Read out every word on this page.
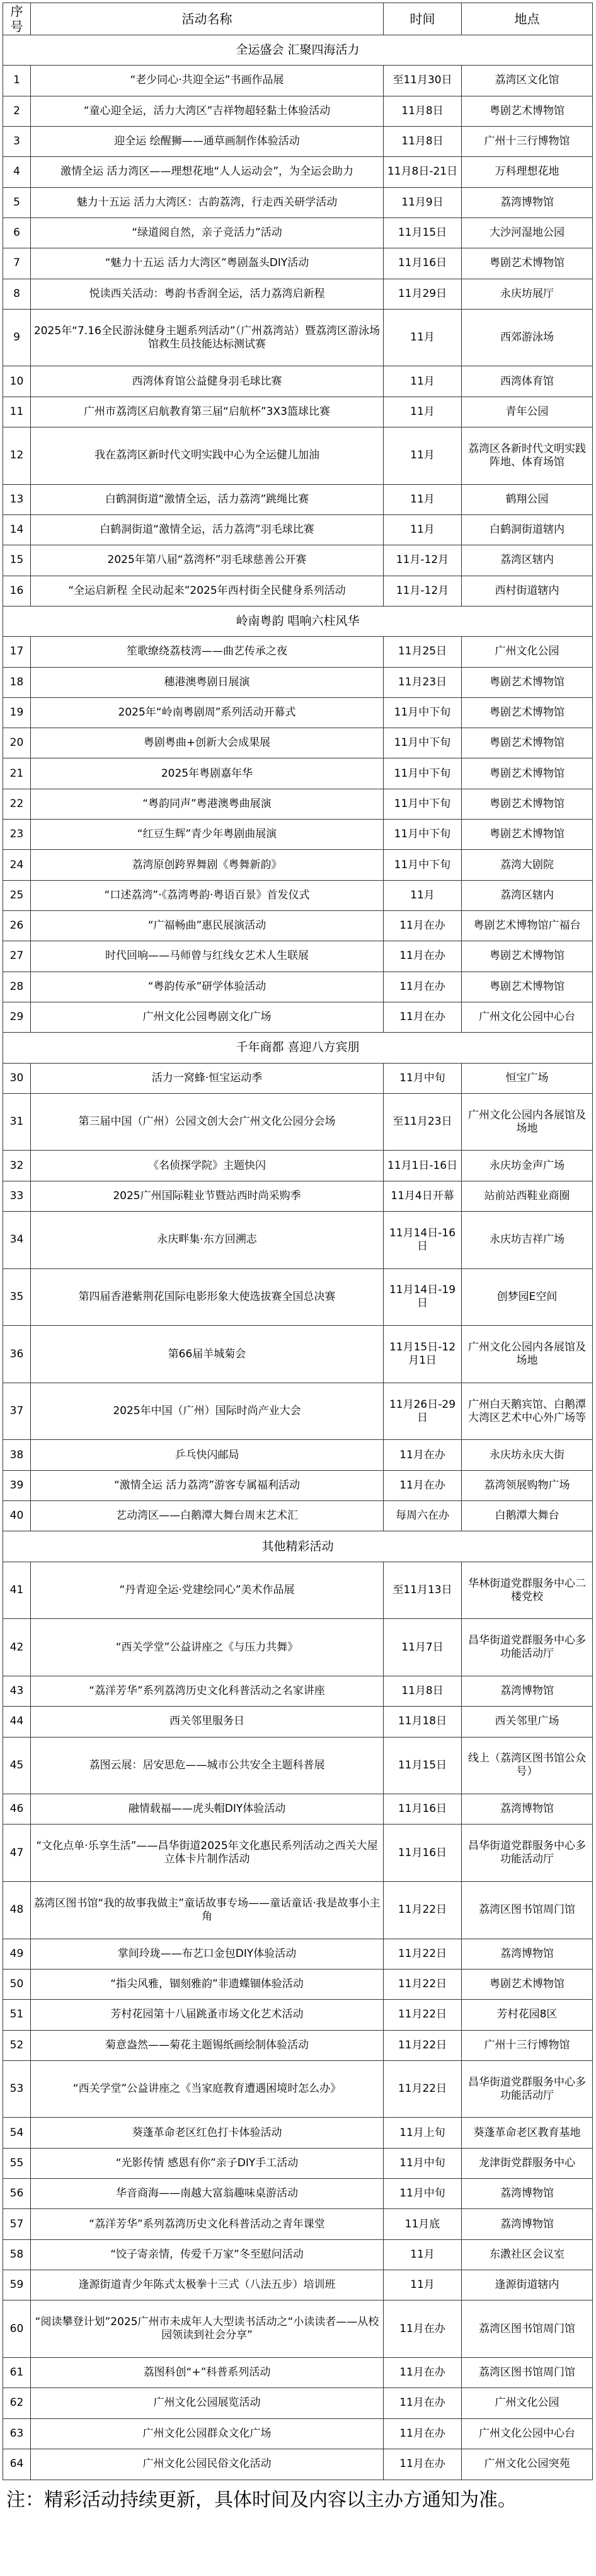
序号	活动名称	时间	地点
全运盛会 汇聚四海活力			
1	“老少同心·共迎全运”书画作品展	至11月30日	荔湾区文化馆
2	“童心迎全运，活力大湾区”吉祥物超轻黏土体验活动	11月8日	粤剧艺术博物馆
3	迎全运 绘醒狮——通草画制作体验活动	11月8日	广州十三行博物馆
4	激情全运 活力湾区——理想花地“人人运动会”，为全运会助力	11月8日-21日	万科理想花地
5	魅力十五运 活力大湾区：古韵荔湾，行走西关研学活动	11月9日	荔湾博物馆
6	“绿道阅自然，亲子竞活力”活动	11月15日	大沙河湿地公园
7	“魅力十五运 活力大湾区”粤剧盔头DIY活动	11月16日	粤剧艺术博物馆
8	悦读西关活动：粤韵书香润全运，活力荔湾启新程	11月29日	永庆坊展厅
9	2025年“7.16全民游泳健身主题系列活动”（广州荔湾站）暨荔湾区游泳场馆救生员技能达标测试赛	11月	西郊游泳场
10	西湾体育馆公益健身羽毛球比赛	11月	西湾体育馆
11	广州市荔湾区启航教育第三届“启航杯”3X3篮球比赛	11月	青年公园
12	我在荔湾区新时代文明实践中心为全运健儿加油	11月	荔湾区各新时代文明实践阵地、体育场馆
13	白鹤洞街道“激情全运，活力荔湾”跳绳比赛	11月	鹤翔公园
14	白鹤洞街道“激情全运，活力荔湾”羽毛球比赛	11月	白鹤洞街道辖内
15	2025年第八届“荔湾杯”羽毛球慈善公开赛	11月-12月	荔湾区辖内
16	“全运启新程 全民动起来”2025年西村街全民健身系列活动	11月-12月	西村街道辖内
岭南粤韵 唱响六柱风华			
17	笙歌缭绕荔枝湾——曲艺传承之夜	11月25日	广州文化公园
18	穗港澳粤剧日展演	11月23日	粤剧艺术博物馆
19	2025年“岭南粤剧周”系列活动开幕式	11月中下旬	粤剧艺术博物馆
20	粤剧粤曲+创新大会成果展	11月中下旬	粤剧艺术博物馆
21	2025年粤剧嘉年华	11月中下旬	粤剧艺术博物馆
22	“粤韵同声”粤港澳粤曲展演	11月中下旬	粤剧艺术博物馆
23	“红豆生辉”青少年粤剧曲展演	11月中下旬	粤剧艺术博物馆
24	荔湾原创跨界舞剧《粤舞新韵》	11月中下旬	荔湾大剧院
25	“口述荔湾”·《荔湾粤韵·粤语百景》首发仪式	11月	荔湾区辖内
26	“广福畅曲”惠民展演活动	11月在办	粤剧艺术博物馆广福台
27	时代回响——马师曾与红线女艺术人生联展	11月在办	粤剧艺术博物馆
28	“粤韵传承”研学体验活动	11月在办	粤剧艺术博物馆
29	广州文化公园粤剧文化广场	11月在办	广州文化公园中心台
千年商都 喜迎八方宾朋			
30	活力一窝蜂·恒宝运动季	11月中旬	恒宝广场
31	第三届中国（广州）公园文创大会广州文化公园分会场	至11月23日	广州文化公园内各展馆及场地
32	《名侦探学院》主题快闪	11月1日-16日	永庆坊金声广场
33	2025广州国际鞋业节暨站西时尚采购季	11月4日开幕	站前站西鞋业商圈
34	永庆畔集·东方回溯志	11月14日-16日	永庆坊吉祥广场
35	第四届香港紫荆花国际电影形象大使选拔赛全国总决赛	11月14日-19日	创梦园E空间
36	第66届羊城菊会	11月15日-12月1日	广州文化公园内各展馆及场地
37	2025年中国（广州）国际时尚产业大会	11月26日-29日	广州白天鹅宾馆、白鹅潭大湾区艺术中心外广场等
38	乒乓快闪邮局	11月在办	永庆坊永庆大街
39	“激情全运 活力荔湾”游客专属福利活动	11月在办	荔湾领展购物广场
40	艺动湾区——白鹅潭大舞台周末艺术汇	每周六在办	白鹅潭大舞台
其他精彩活动			
41	“丹青迎全运·党建绘同心”美术作品展	至11月13日	华林街道党群服务中心二楼党校
42	“西关学堂”公益讲座之《与压力共舞》	11月7日	昌华街道党群服务中心多功能活动厅
43	“荔洋芳华”系列荔湾历史文化科普活动之名家讲座	11月8日	荔湾博物馆
44	西关邻里服务日	11月18日	西关邻里广场
45	荔图云展：居安思危——城市公共安全主题科普展	11月15日	线上（荔湾区图书馆公众号）
46	融情载福——虎头帽DIY体验活动	11月16日	荔湾博物馆
47	“文化点单·乐享生活”——昌华街道2025年文化惠民系列活动之西关大屋立体卡片制作活动	11月16日	昌华街道党群服务中心多功能活动厅
48	荔湾区图书馆“我的故事我做主”童话故事专场——童话童话·我是故事小主角	11月22日	荔湾区图书馆周门馆
49	掌间玲珑——布艺口金包DIY体验活动	11月22日	荔湾博物馆
50	“指尖风雅，锢刻雅韵”非遗蝶锢体验活动	11月22日	粤剧艺术博物馆
51	芳村花园第十八届跳蚤市场文化艺术活动	11月22日	芳村花园8区
52	菊意盎然——菊花主题锡纸画绘制体验活动	11月22日	广州十三行博物馆
53	“西关学堂”公益讲座之《当家庭教育遭遇困境时怎么办》	11月22日	昌华街道党群服务中心多功能活动厅
54	葵蓬革命老区红色打卡体验活动	11月上旬	葵蓬革命老区教育基地
55	“光影传情 感恩有你”亲子DIY手工活动	11月中旬	龙津街党群服务中心
56	华音商海——南越大富翁趣味桌游活动	11月中旬	荔湾博物馆
57	“荔洋芳华”系列荔湾历史文化科普活动之青年课堂	11月底	荔湾博物馆
58	“饺子寄亲情，传爱千万家”冬至慰问活动	11月	东漖社区会议室
59	逢源街道青少年陈式太极拳十三式（八法五步）培训班	11月	逢源街道辖内
60	“阅读攀登计划”2025广州市未成年人大型读书活动之“小读读者——从校园领读到社会分享”	11月在办	荔湾区图书馆周门馆
61	荔图科创“+”科普系列活动	11月在办	荔湾区图书馆周门馆
62	广州文化公园展览活动	11月在办	广州文化公园
63	广州文化公园群众文化广场	11月在办	广州文化公园中心台
64	广州文化公园民俗文化活动	11月在办	广州文化公园突苑

注：精彩活动持续更新，具体时间及内容以主办方通知为准。
